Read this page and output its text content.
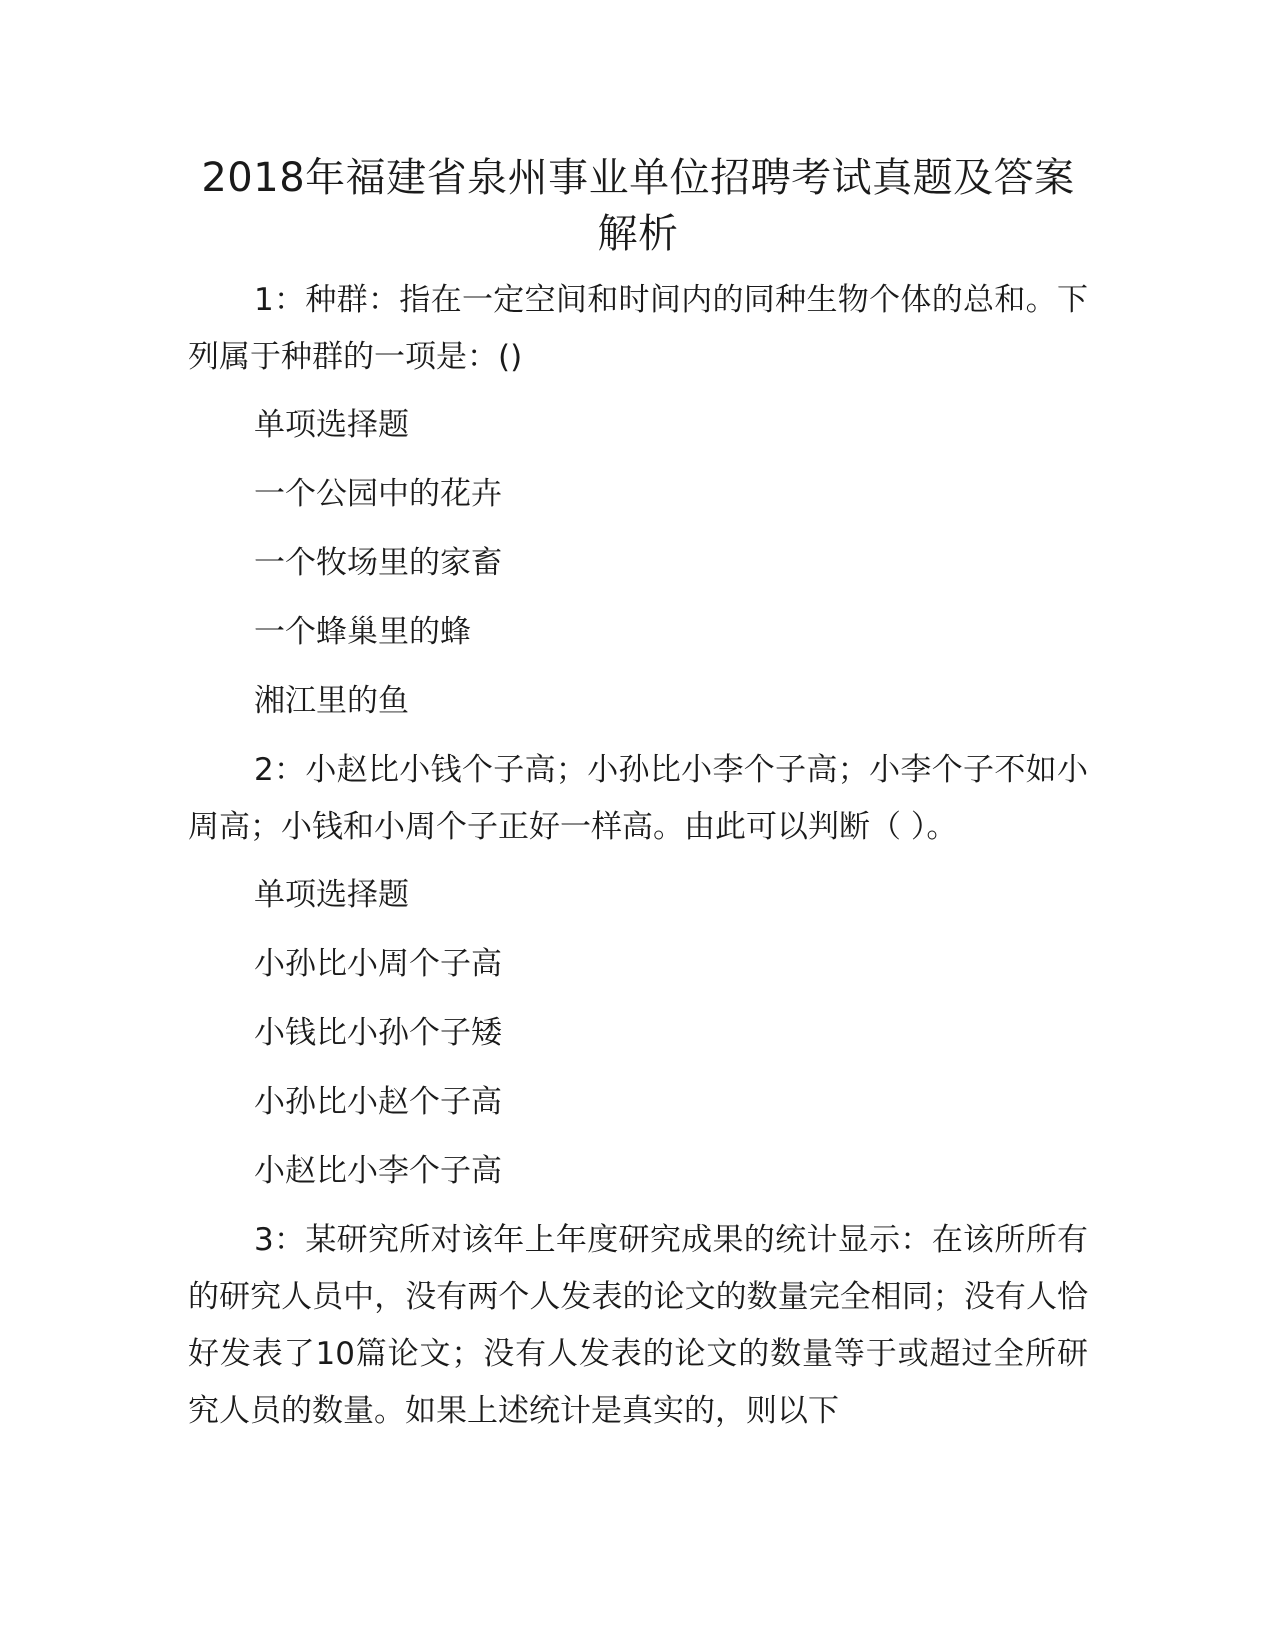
2018年福建省泉州事业单位招聘考试真题及答案解析

1：种群：指在一定空间和时间内的同种生物个体的总和。下列属于种群的一项是：()

单项选择题

一个公园中的花卉

一个牧场里的家畜

一个蜂巢里的蜂

湘江里的鱼

2：小赵比小钱个子高；小孙比小李个子高；小李个子不如小周高；小钱和小周个子正好一样高。由此可以判断（ ）。

单项选择题

小孙比小周个子高

小钱比小孙个子矮

小孙比小赵个子高

小赵比小李个子高

3：某研究所对该年上年度研究成果的统计显示：在该所所有的研究人员中，没有两个人发表的论文的数量完全相同；没有人恰好发表了10篇论文；没有人发表的论文的数量等于或超过全所研究人员的数量。如果上述统计是真实的，则以下
